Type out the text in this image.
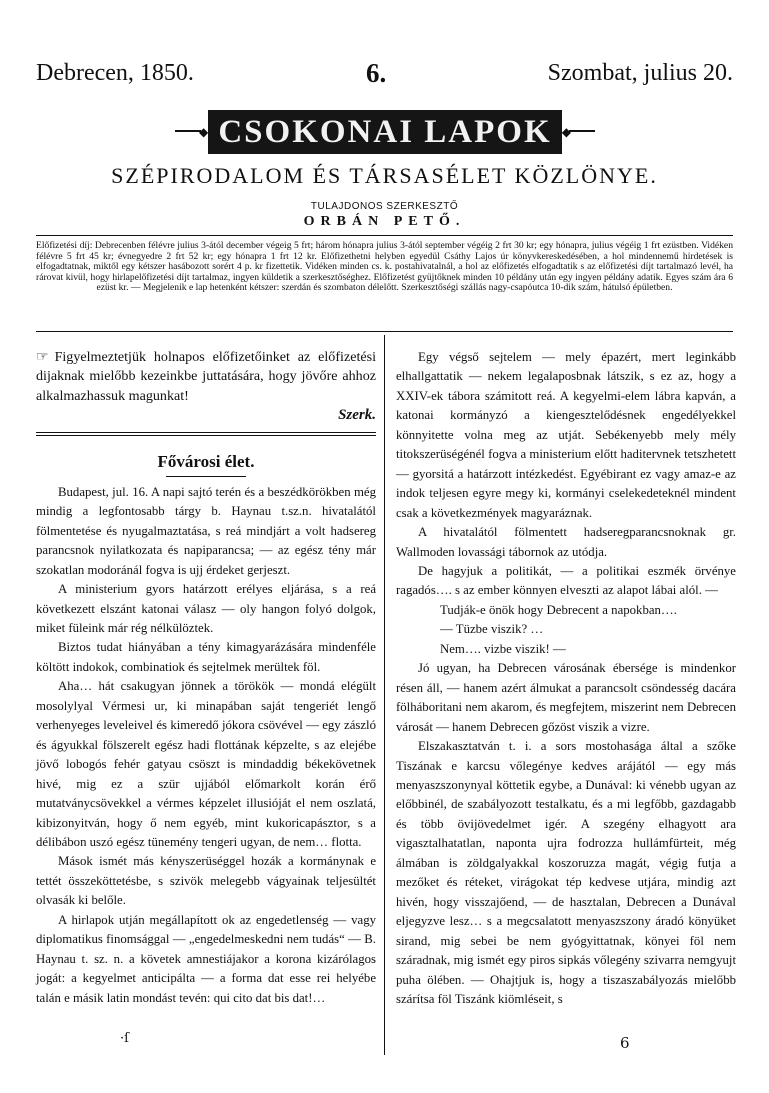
Debrecen, 1850.	6.	Szombat, julius 20.
◆ CSOKONAI LAPOK ◆
SZÉPIRODALOM ÉS TÁRSASÉLET KÖZLÖNYE.
TULAJDONOS SZERKESZTŐ
ORBÁN PETŐ.
Előfizetési díj: Debrecenben félévre julius 3-ától december végeig 5 frt; három hónapra julius 3-ától september végéig 2 frt 30 kr; egy hónapra, julius végéig 1 frt ezüstben. Vidéken félévre 5 frt 45 kr; évnegyedre 2 frt 52 kr; egy hónapra 1 frt 12 kr. Előfizethetni helyben egyedül Csáthy Lajos úr könyvkereskedésében, a hol mindennemű hirdetések is elfogadtatnak, miktől egy kétszer hasábozott sorért 4 p. kr fizettetik. Vidéken minden cs. k. postahivatalnál, a hol az előfizetés elfogadtatik s az előfizetési díjt tartalmazó levél, ha rárovat kivül, hogy hirlapelőfizetési díjt tartalmaz, ingyen küldetik a szerkesztőséghez. Előfizetést gyüjtőknek minden 10 példány után egy ingyen példány adatik. Egyes szám ára 6 ezüst kr. — Megjelenik e lap hetenként kétszer: szerdán és szombaton délelőtt. Szerkesztőségi szállás nagy-csapóutca 10-dik szám, hátulsó épületben.

☞ Figyelmeztetjük holnapos előfizetőinket az előfizetési dijaknak mielőbb kezeinkbe juttatására, hogy jövőre ahhoz alkalmazhassuk magunkat!

Szerk.

Fővárosi élet.

Budapest, jul. 16. A napi sajtó terén és a beszédkörökben még mindig a legfontosabb tárgy b. Haynau t.sz.n. hivatalától fölmentetése és nyugalmaztatása, s reá mindjárt a volt hadsereg parancsnok nyilatkozata és napiparancsa; — az egész tény már szokatlan modoránál fogva is ujj érdeket gerjeszt.

A ministerium gyors határzott erélyes eljárása, s a reá következett elszánt katonai válasz — oly hangon folyó dolgok, miket füleink már rég nélkülöztek.

Biztos tudat hiányában a tény kimagyarázására mindenféle költött indokok, combinatiok és sejtelmek merültek föl.

Aha… hát csakugyan jönnek a törökök — mondá elégült mosolylyal Vérmesi ur, ki minapában saját tengeriét lengő verhenyeges leveleivel és kimeredő jókora csövével — egy zászló és ágyukkal fölszerelt egész hadi flottának képzelte, s az elejébe jövő lobogós fehér gatyau csöszt is mindaddig békekövetnek hivé, mig ez a szür ujjából előmarkolt korán érő mutatványcsövekkel a vérmes képzelet illusióját el nem oszlatá, kibizonyitván, hogy ő nem egyéb, mint kukoricapásztor, s a délibábon uszó egész tünemény tengeri ugyan, de nem… flotta.

Mások ismét más kényszerüséggel hozák a kormánynak e tettét összeköttetésbe, s szivök melegebb vágyainak teljesültét olvasák ki belőle.

A hirlapok utján megállapított ok az engedetlenség — vagy diplomatikus finomsággal — „engedelmeskedni nem tudás“ — B. Haynau t. sz. n. a követek amnestiájakor a korona kizárólagos jogát: a kegyelmet anticipálta — a forma dat esse rei helyébe talán e másik latin mondást tevén: qui cito dat bis dat!…

Egy végső sejtelem — mely épazért, mert leginkább elhallgattatik — nekem legalaposbnak látszik, s ez az, hogy a XXIV-ek tábora számitott reá. A kegyelmi-elem lábra kapván, a katonai kormányzó a kiengesztelődésnek engedélyekkel könnyitette volna meg az utját. Sebékenyebb mely mély titokszerüségénél fogva a ministerium előtt haditervnek tetszhetett — gyorsitá a határzott intézkedést. Egyébirant ez vagy amaz-e az indok teljesen egyre megy ki, kormányi cselekedeteknél mindent csak a következmények magyaráznak.

A hivatalától fölmentett hadseregparancsnoknak gr. Wallmoden lovassági tábornok az utódja.

De hagyjuk a politikát, — a politikai eszmék örvénye ragadós…. s az ember könnyen elveszti az alapot lábai alól. —

Tudják-e önök hogy Debrecent a napokban….

— Tüzbe viszik? …

Nem…. vizbe viszik! —

Jó ugyan, ha Debrecen városának ébersége is mindenkor résen áll, — hanem azért álmukat a parancsolt csöndesség dacára fölháboritani nem akarom, és megfejtem, miszerint nem Debrecen városát — hanem Debrecen gőzöst viszik a vizre.

Elszakasztatván t. i. a sors mostohasága által a szőke Tiszának e karcsu vőlegénye kedves arájától — egy más menyaszszonynyal köttetik egybe, a Dunával: ki vénebb ugyan az előbbinél, de szabályozott testalkatu, és a mi legfőbb, gazdagabb és több övijövedelmet igér. A szegény elhagyott ara vigasztalhatatlan, naponta ujra fodrozza hullámfürteit, még álmában is zöldgalyakkal koszoruzza magát, végig futja a mezőket és réteket, virágokat tép kedvese utjára, mindig azt hivén, hogy visszajőend, — de hasztalan, Debrecen a Dunával eljegyzve lesz… s a megcsalatott menyaszszony áradó könyüket sirand, mig sebei be nem gyógyittatnak, könyei föl nem száradnak, mig ismét egy piros sipkás vőlegény szivarra nemgyujt puha ölében. — Ohajtjuk is, hogy a tiszaszabályozás mielőbb szárítsa föl Tiszánk kiömléseit, s

·ſ	6
